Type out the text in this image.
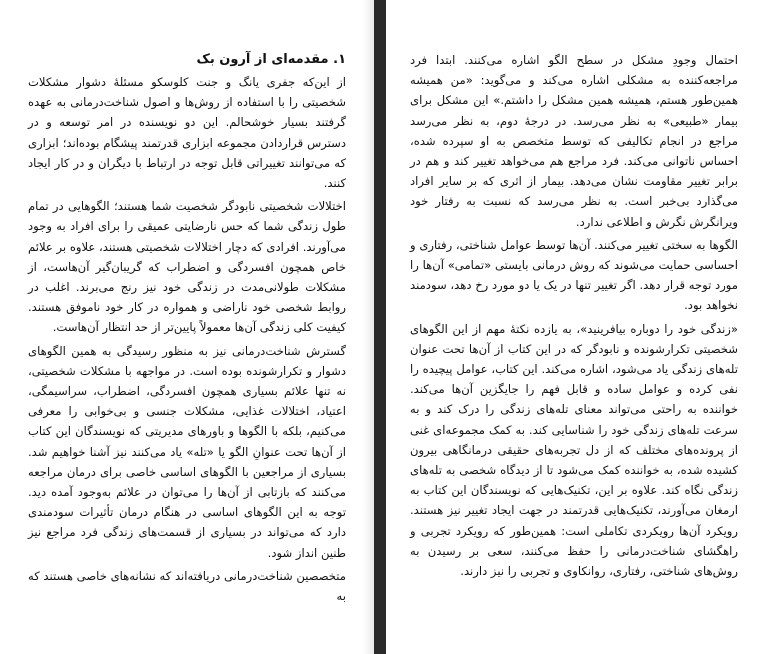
۱. مقدمه‌ای از آرون بک

از این‌که جفری یانگ و جنت کلوسکو مسئلهٔ دشوار مشکلات شخصیتی را با استفاده از روش‌ها و اصول شناخت‌درمانی به عهده گرفتند بسیار خوشحالم. این دو نویسنده در امر توسعه و در دسترس قراردادن مجموعه ابزاری قدرتمند پیشگام بوده‌اند؛ ابزاری که می‌توانند تغییراتی قابل توجه در ارتباط با دیگران و در کار ایجاد کنند.

اختلالات شخصیتی نابودگر شخصیت شما هستند؛ الگوهایی در تمام طول زندگی شما که حس نارضایتی عمیقی را برای افراد به وجود می‌آورند. افرادی که دچار اختلالات شخصیتی هستند، علاوه بر علائم خاص همچون افسردگی و اضطراب که گریبان‌گیر آن‌هاست، از مشکلات طولانی‌مدت در زندگی خود نیز رنج می‌برند. اغلب در روابط شخصی خود ناراضی و همواره در کار خود ناموفق هستند. کیفیت کلی زندگی آن‌ها معمولاً پایین‌تر از حد انتظار آن‌هاست.

گسترش شناخت‌درمانی نیز به منظور رسیدگی به همین الگوهای دشوار و تکرارشونده بوده است. در مواجهه با مشکلات شخصیتی، نه تنها علائم بسیاری همچون افسردگی، اضطراب، سراسیمگی، اعتیاد، اختلالات غذایی، مشکلات جنسی و بی‌خوابی را معرفی می‌کنیم، بلکه با الگوها و باورهای مدیریتی که نویسندگان این کتاب از آن‌ها تحت عنوانِ الگو یا «تله» یاد می‌کنند نیز آشنا خواهیم شد. بسیاری از مراجعین با الگوهای اساسی خاصی برای درمان مراجعه می‌کنند که بازتابی از آن‌ها را می‌توان در علائم به‌وجود آمده دید. توجه به این الگوهای اساسی در هنگام درمان تأثیرات سودمندی دارد که می‌تواند در بسیاری از قسمت‌های زندگی فرد مراجع نیز طنین انداز شود.

متخصصین شناخت‌درمانی دریافته‌اند که نشانه‌های خاصی هستند که به

احتمال وجودِ مشکل در سطح الگو اشاره می‌کنند. ابتدا فرد مراجعه‌کننده به مشکلی اشاره می‌کند و می‌گوید: «من همیشه همین‌طور هستم، همیشه همین مشکل را داشتم.» این مشکل برای بیمار «طبیعی» به نظر می‌رسد. در درجهٔ دوم، به نظر می‌رسد مراجع در انجام تکالیفی که توسط متخصص به او سپرده شده، احساس ناتوانی می‌کند. فرد مراجع هم می‌خواهد تغییر کند و هم در برابر تغییر مقاومت نشان می‌دهد. بیمار از اثری که بر سایر افراد می‌گذارد بی‌خبر است. به نظر می‌رسد که نسبت به رفتار خود ویرانگرش نگرش و اطلاعی ندارد.

الگوها به سختی تغییر می‌کنند. آن‌ها توسط عوامل شناختی، رفتاری و احساسی حمایت می‌شوند که روش درمانی بایستی «تمامی» آن‌ها را مورد توجه قرار دهد. اگر تغییر تنها در یک یا دو مورد رخ دهد، سودمند نخواهد بود.

«زندگی خود را دوباره بیافرینید»، به یازده نکتهٔ مهم از این الگوهای شخصیتی تکرارشونده و نابودگر که در این کتاب از آن‌ها تحت عنوان تله‌های زندگی یاد می‌شود، اشاره می‌کند. این کتاب، عوامل پیچیده را نفی کرده و عوامل ساده و قابل فهم را جایگزین آن‌ها می‌کند. خواننده به راحتی می‌تواند معنای تله‌های زندگی را درک کند و به سرعت تله‌های زندگی خود را شناسایی کند. به کمک مجموعه‌ای غنی از پرونده‌های مختلف که از دل تجربه‌های حقیقی درمانگاهی بیرون کشیده شده، به خواننده کمک می‌شود تا از دیدگاه شخصی به تله‌های زندگی نگاه کند. علاوه بر این، تکنیک‌هایی که نویسندگان این کتاب به ارمغان می‌آورند، تکنیک‌هایی قدرتمند در جهت ایجاد تغییر نیز هستند. رویکرد آن‌ها رویکردی تکاملی است: همین‌طور که رویکرد تجربی و راهگشای شناخت‌درمانی را حفظ می‌کنند، سعی بر رسیدن به روش‌های شناختی، رفتاری، روانکاوی و تجربی را نیز دارند.
